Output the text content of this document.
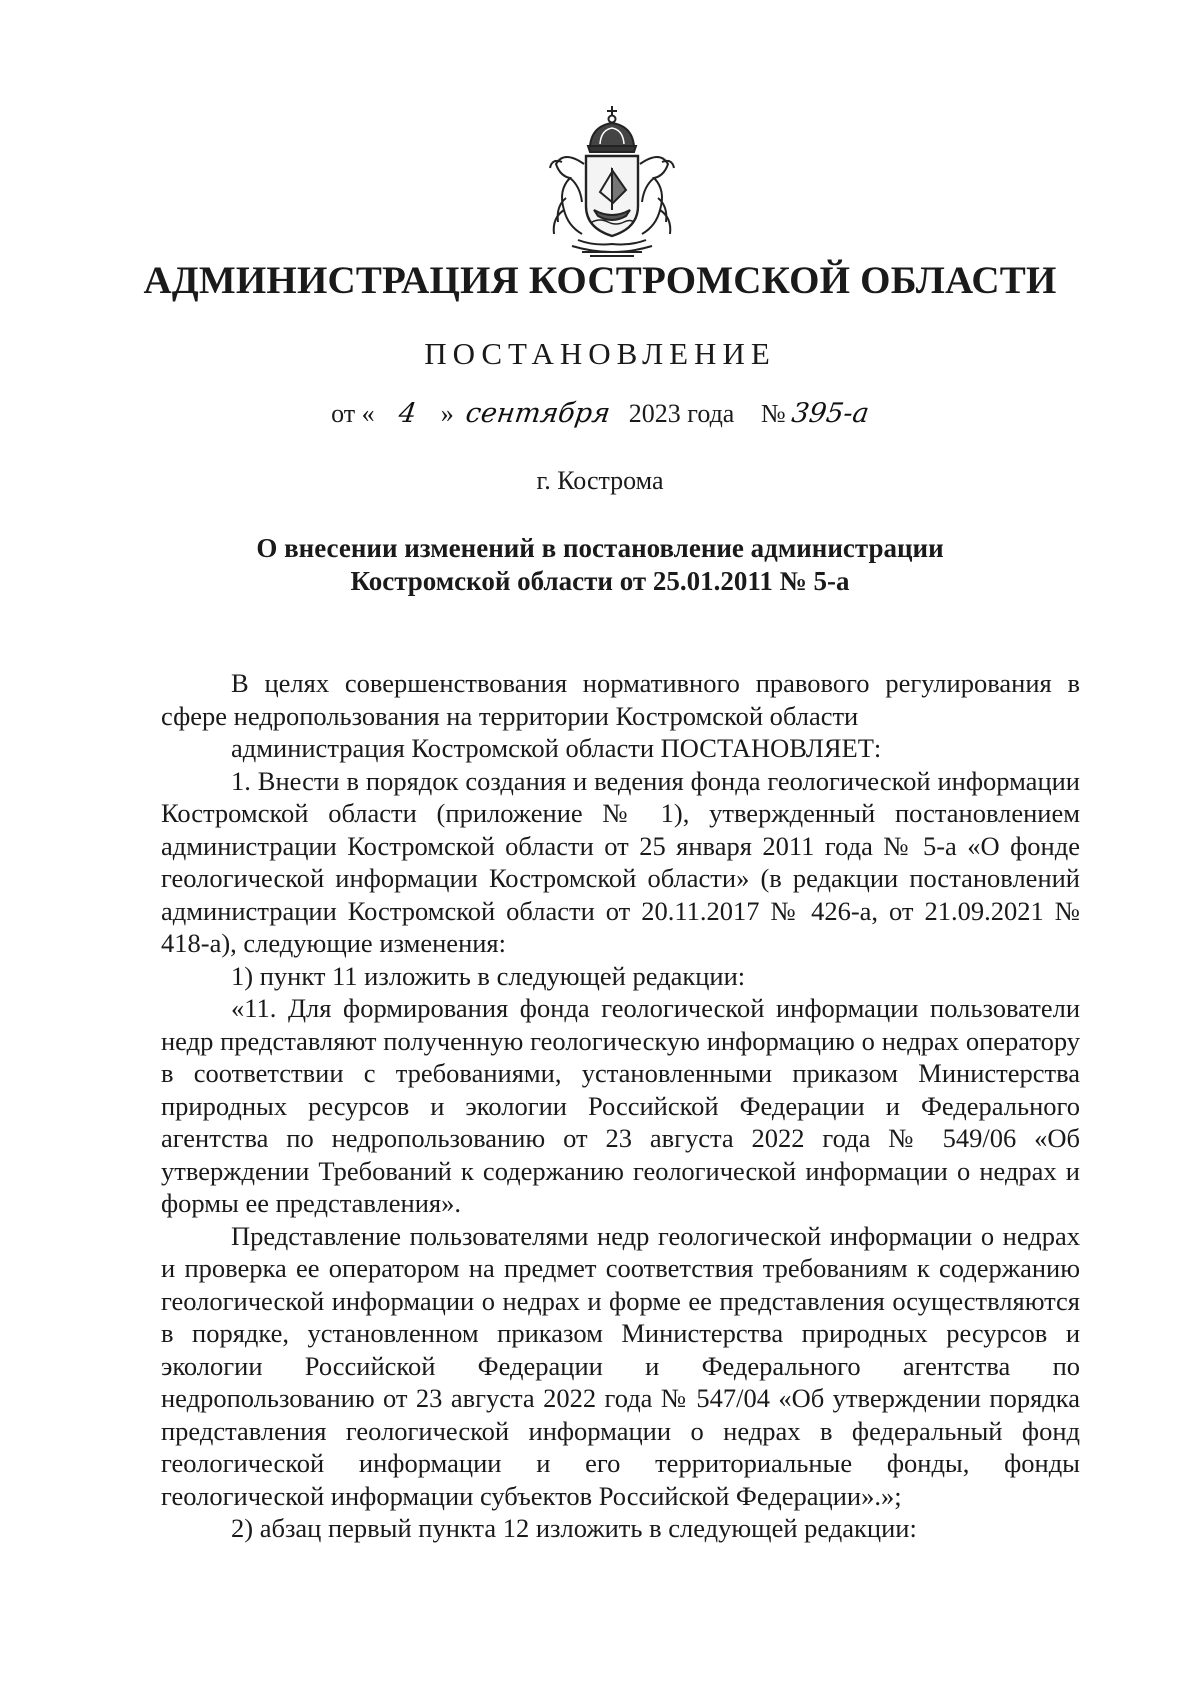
АДМИНИСТРАЦИЯ КОСТРОМСКОЙ ОБЛАСТИ
ПОСТАНОВЛЕНИЕ
от « 4 » сентября 2023 года № 395-а
г. Кострома
О внесении изменений в постановление администрации
Костромской области от 25.01.2011 № 5-а

В целях совершенствования нормативного правового регулирования в сфере недропользования на территории Костромской области

администрация Костромской области ПОСТАНОВЛЯЕТ:

1. Внести в порядок создания и ведения фонда геологической информации Костромской области (приложение № 1), утвержденный постановлением администрации Костромской области от 25 января 2011 года № 5-а «О фонде геологической информации Костромской области» (в редакции постановлений администрации Костромской области от 20.11.2017 № 426-а, от 21.09.2021 № 418-а), следующие изменения:

1) пункт 11 изложить в следующей редакции:

«11. Для формирования фонда геологической информации пользователи недр представляют полученную геологическую информацию о недрах оператору в соответствии с требованиями, установленными приказом Министерства природных ресурсов и экологии Российской Федерации и Федерального агентства по недропользованию от 23 августа 2022 года № 549/06 «Об утверждении Требований к содержанию геологической информации о недрах и формы ее представления».

Представление пользователями недр геологической информации о недрах и проверка ее оператором на предмет соответствия требованиям к содержанию геологической информации о недрах и форме ее представления осуществляются в порядке, установленном приказом Министерства природных ресурсов и экологии Российской Федерации и Федерального агентства по недропользованию от 23 августа 2022 года № 547/04 «Об утверждении порядка представления геологической информации о недрах в федеральный фонд геологической информации и его территориальные фонды, фонды геологической информации субъектов Российской Федерации».»;

2) абзац первый пункта 12 изложить в следующей редакции:
